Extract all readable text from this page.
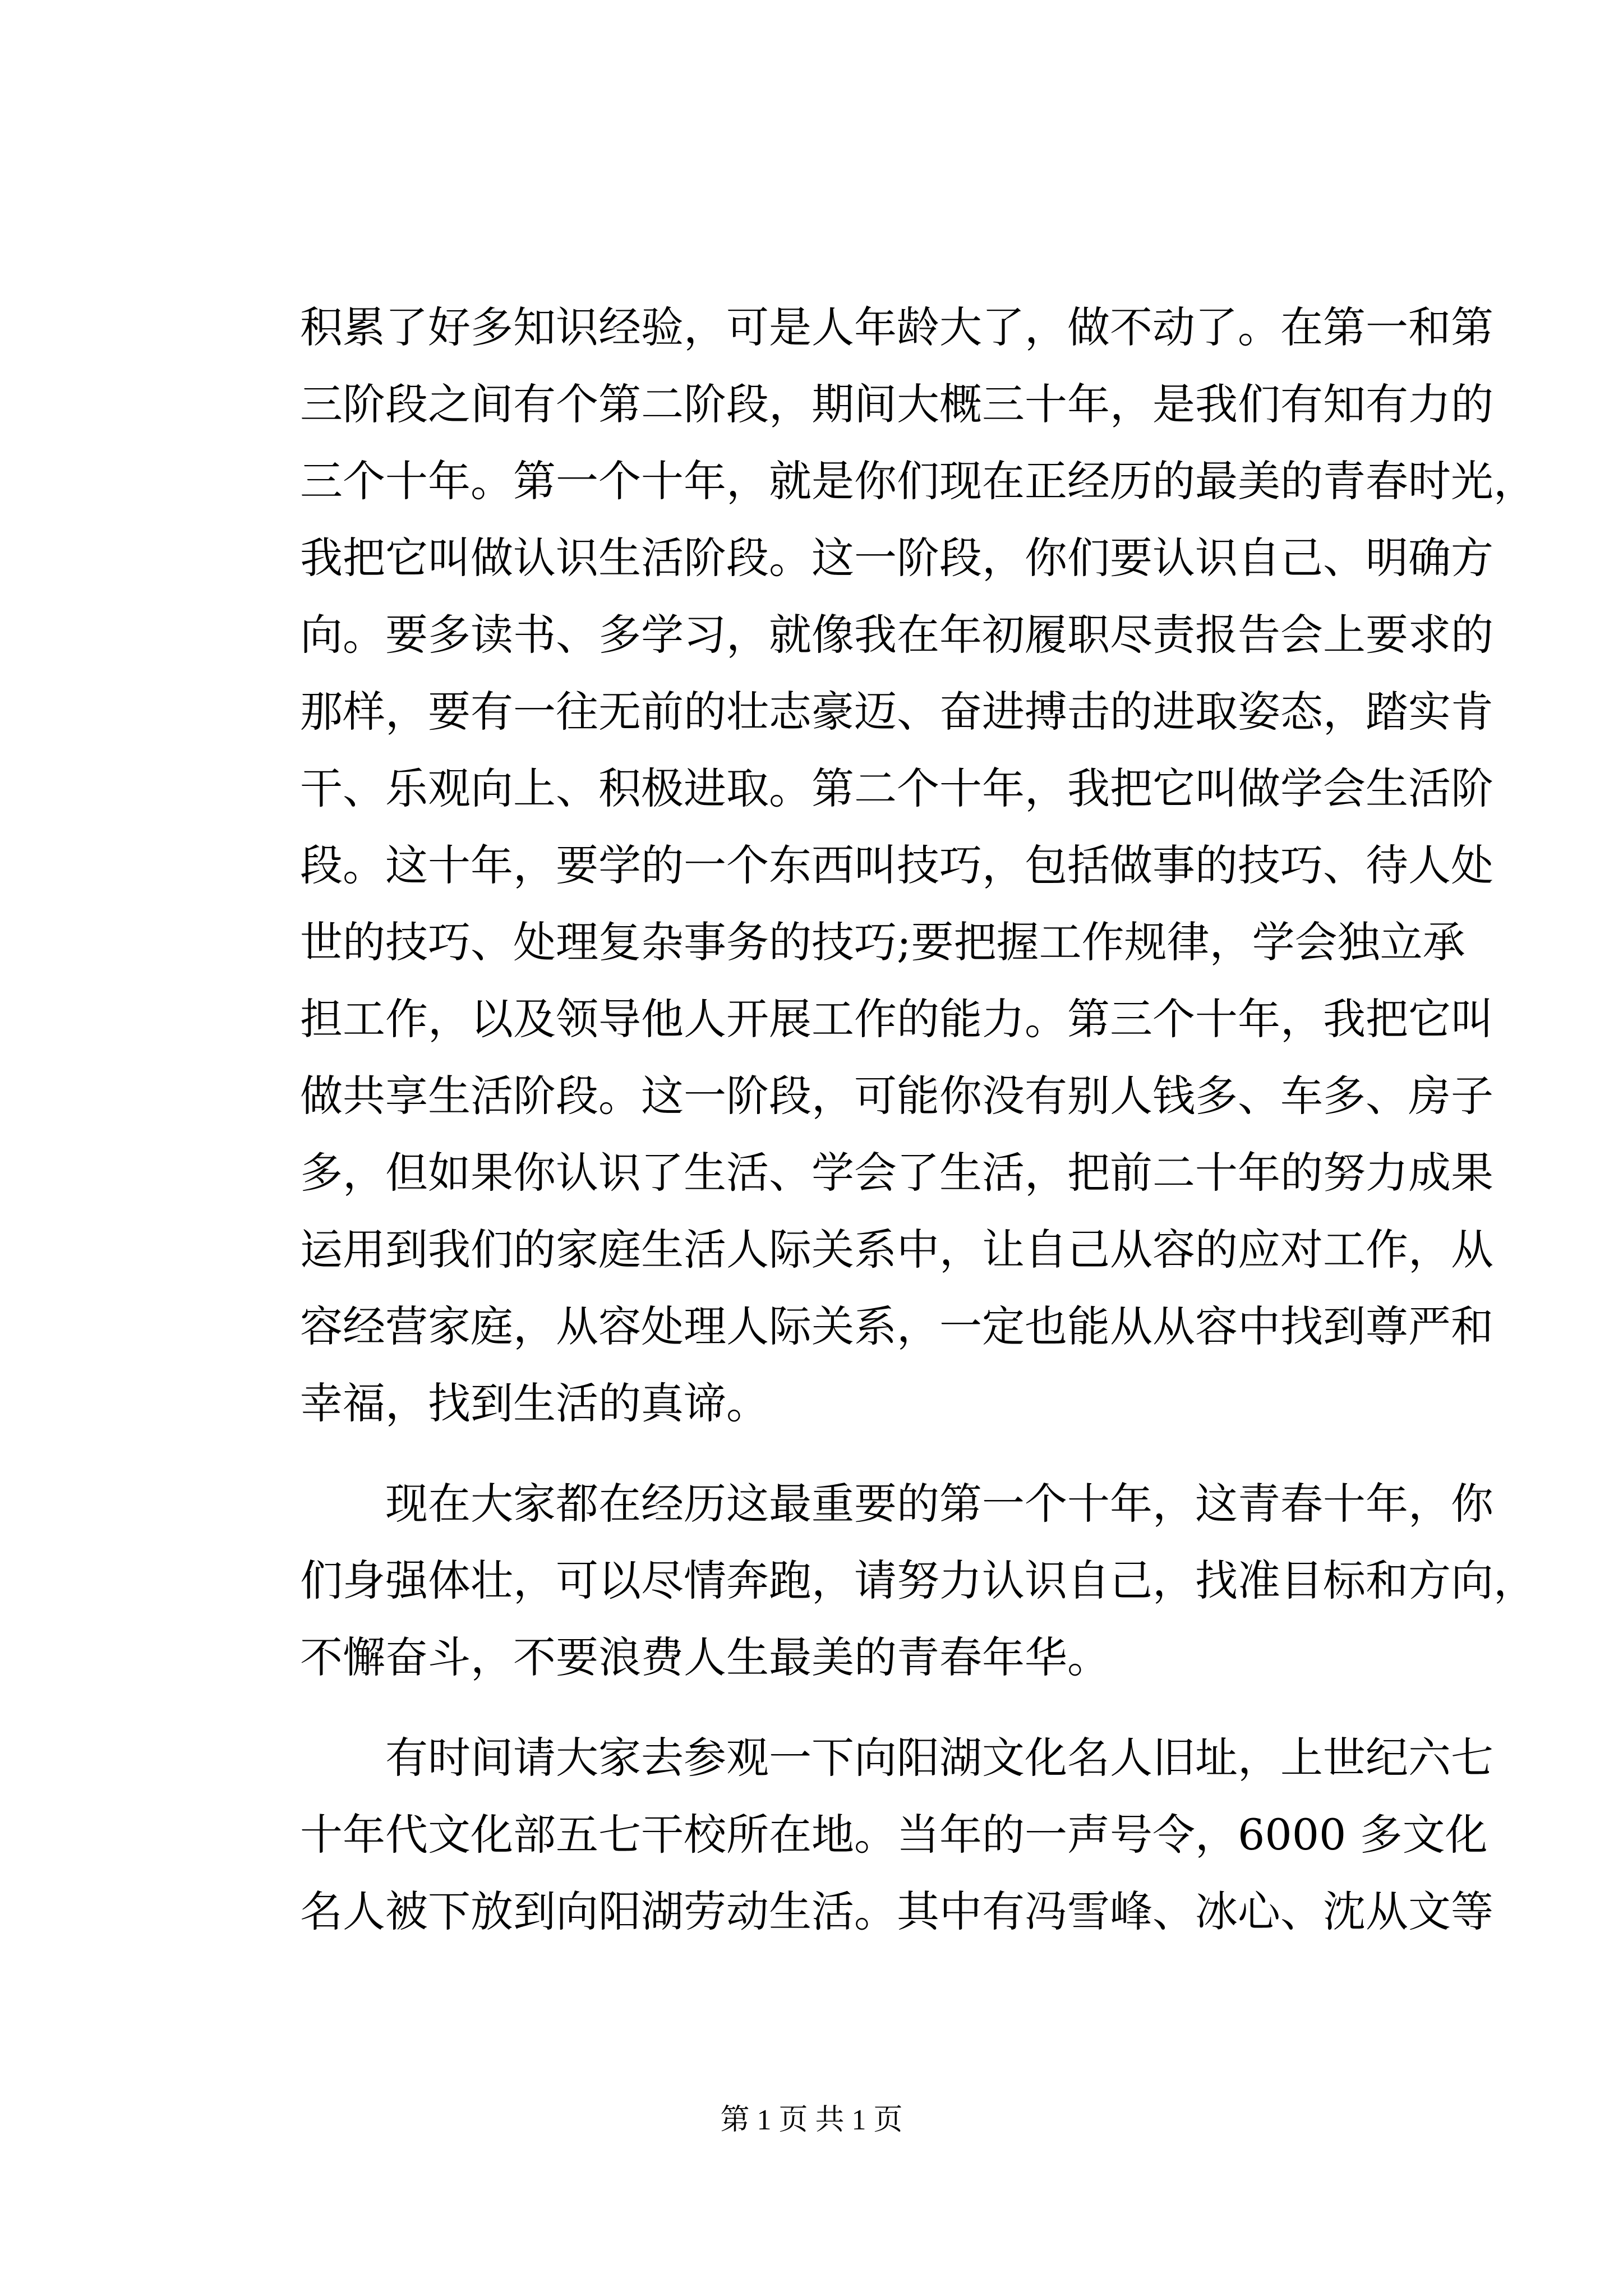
积累了好多知识经验，可是人年龄大了，做不动了。在第一和第
三阶段之间有个第二阶段，期间大概三十年，是我们有知有力的
三个十年。第一个十年，就是你们现在正经历的最美的青春时光，
我把它叫做认识生活阶段。这一阶段，你们要认识自己、明确方
向。要多读书、多学习，就像我在年初履职尽责报告会上要求的
那样，要有一往无前的壮志豪迈、奋进搏击的进取姿态，踏实肯
干、乐观向上、积极进取。第二个十年，我把它叫做学会生活阶
段。这十年，要学的一个东西叫技巧，包括做事的技巧、待人处
世的技巧、处理复杂事务的技巧;要把握工作规律，学会独立承
担工作，以及领导他人开展工作的能力。第三个十年，我把它叫
做共享生活阶段。这一阶段，可能你没有别人钱多、车多、房子
多，但如果你认识了生活、学会了生活，把前二十年的努力成果
运用到我们的家庭生活人际关系中，让自己从容的应对工作，从
容经营家庭，从容处理人际关系，一定也能从从容中找到尊严和
幸福，找到生活的真谛。
　　现在大家都在经历这最重要的第一个十年，这青春十年，你
们身强体壮，可以尽情奔跑，请努力认识自己，找准目标和方向，
不懈奋斗，不要浪费人生最美的青春年华。
　　有时间请大家去参观一下向阳湖文化名人旧址，上世纪六七
十年代文化部五七干校所在地。当年的一声号令，6000 多文化
名人被下放到向阳湖劳动生活。其中有冯雪峰、冰心、沈从文等
第 1 页 共 1 页
